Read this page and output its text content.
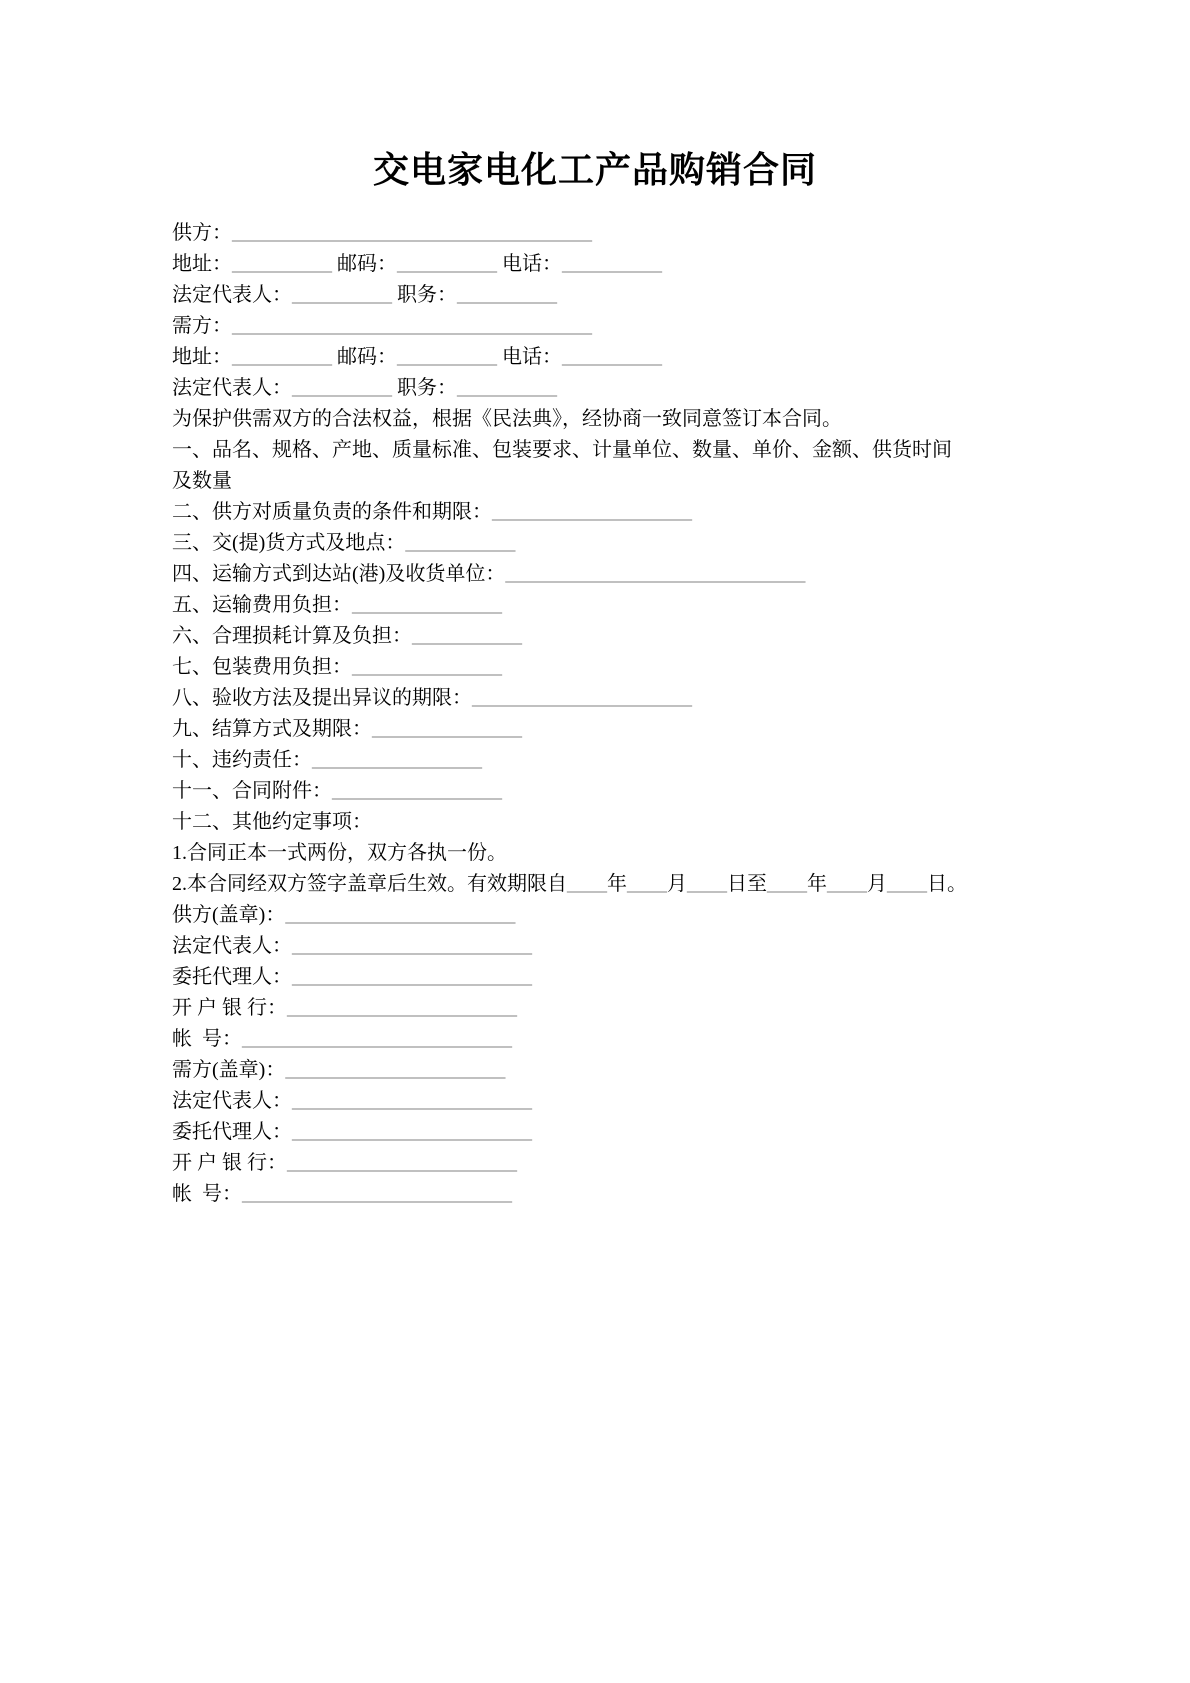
交电家电化工产品购销合同
供方：____________________________________
地址：__________ 邮码：__________ 电话：__________
法定代表人：__________ 职务：__________
需方：____________________________________
地址：__________ 邮码：__________ 电话：__________
法定代表人：__________ 职务：__________
为保护供需双方的合法权益，根据《民法典》，经协商一致同意签订本合同。
一、品名、规格、产地、质量标准、包装要求、计量单位、数量、单价、金额、供货时间
及数量
二、供方对质量负责的条件和期限：____________________
三、交(提)货方式及地点：___________
四、运输方式到达站(港)及收货单位：______________________________
五、运输费用负担：_______________
六、合理损耗计算及负担：___________
七、包装费用负担：_______________
八、验收方法及提出异议的期限：______________________
九、结算方式及期限：_______________
十、违约责任：_________________
十一、合同附件：_________________
十二、其他约定事项：
1.合同正本一式两份，双方各执一份。
2.本合同经双方签字盖章后生效。有效期限自____年____月____日至____年____月____日。
供方(盖章)：_______________________
法定代表人：________________________
委托代理人：________________________
开 户 银 行：_______________________
帐  号：___________________________
需方(盖章)：______________________
法定代表人：________________________
委托代理人：________________________
开 户 银 行：_______________________
帐  号：___________________________
